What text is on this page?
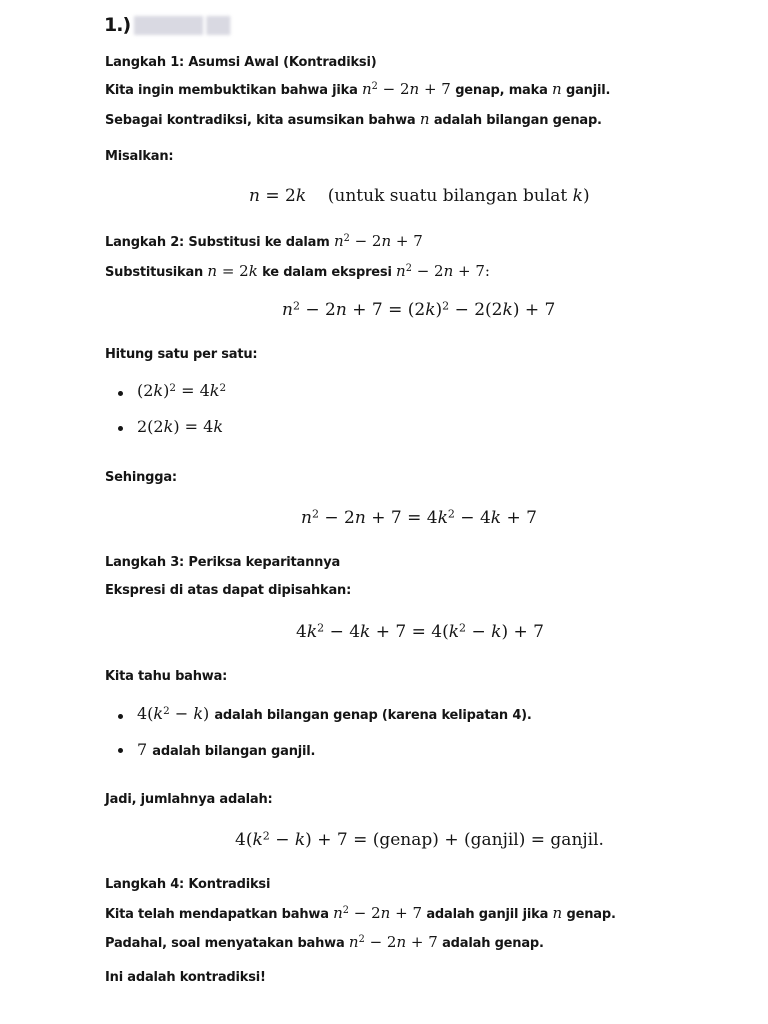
1.) ██████ ██
Langkah 1: Asumsi Awal (Kontradiksi)
Kita ingin membuktikan bahwa jika $n^2 - 2n + 7$ genap, maka n ganjil.
Sebagai kontradiksi, kita asumsikan bahwa n adalah bilangan genap.
Misalkan:
n = 2k (untuk suatu bilangan bulat k)
Langkah 2: Substitusi ke dalam $n^2 - 2n + 7$
Substitusikan n = 2k ke dalam ekspresi $n^2 - 2n + 7$:
$n^2 - 2n + 7 = (2k)^2 - 2(2k) + 7$
Hitung satu per satu:
$(2k)^2 = 4k^2$
2(2k) = 4k
Sehingga:
$n^2 - 2n + 7 = 4k^2 - 4k + 7$
Langkah 3: Periksa keparitannya
Ekspresi di atas dapat dipisahkan:
$4k^2 - 4k + 7 = 4(k^2 - k) + 7$
Kita tahu bahwa:
$4(k^2 - k)$ adalah bilangan genap (karena kelipatan 4).
7 adalah bilangan ganjil.
Jadi, jumlahnya adalah:
$4(k^2 - k) + 7$ = (genap) + (ganjil) = ganjil.
Langkah 4: Kontradiksi
Kita telah mendapatkan bahwa $n^2 - 2n + 7$ adalah ganjil jika n genap.
Padahal, soal menyatakan bahwa $n^2 - 2n + 7$ adalah genap.
Ini adalah kontradiksi!
